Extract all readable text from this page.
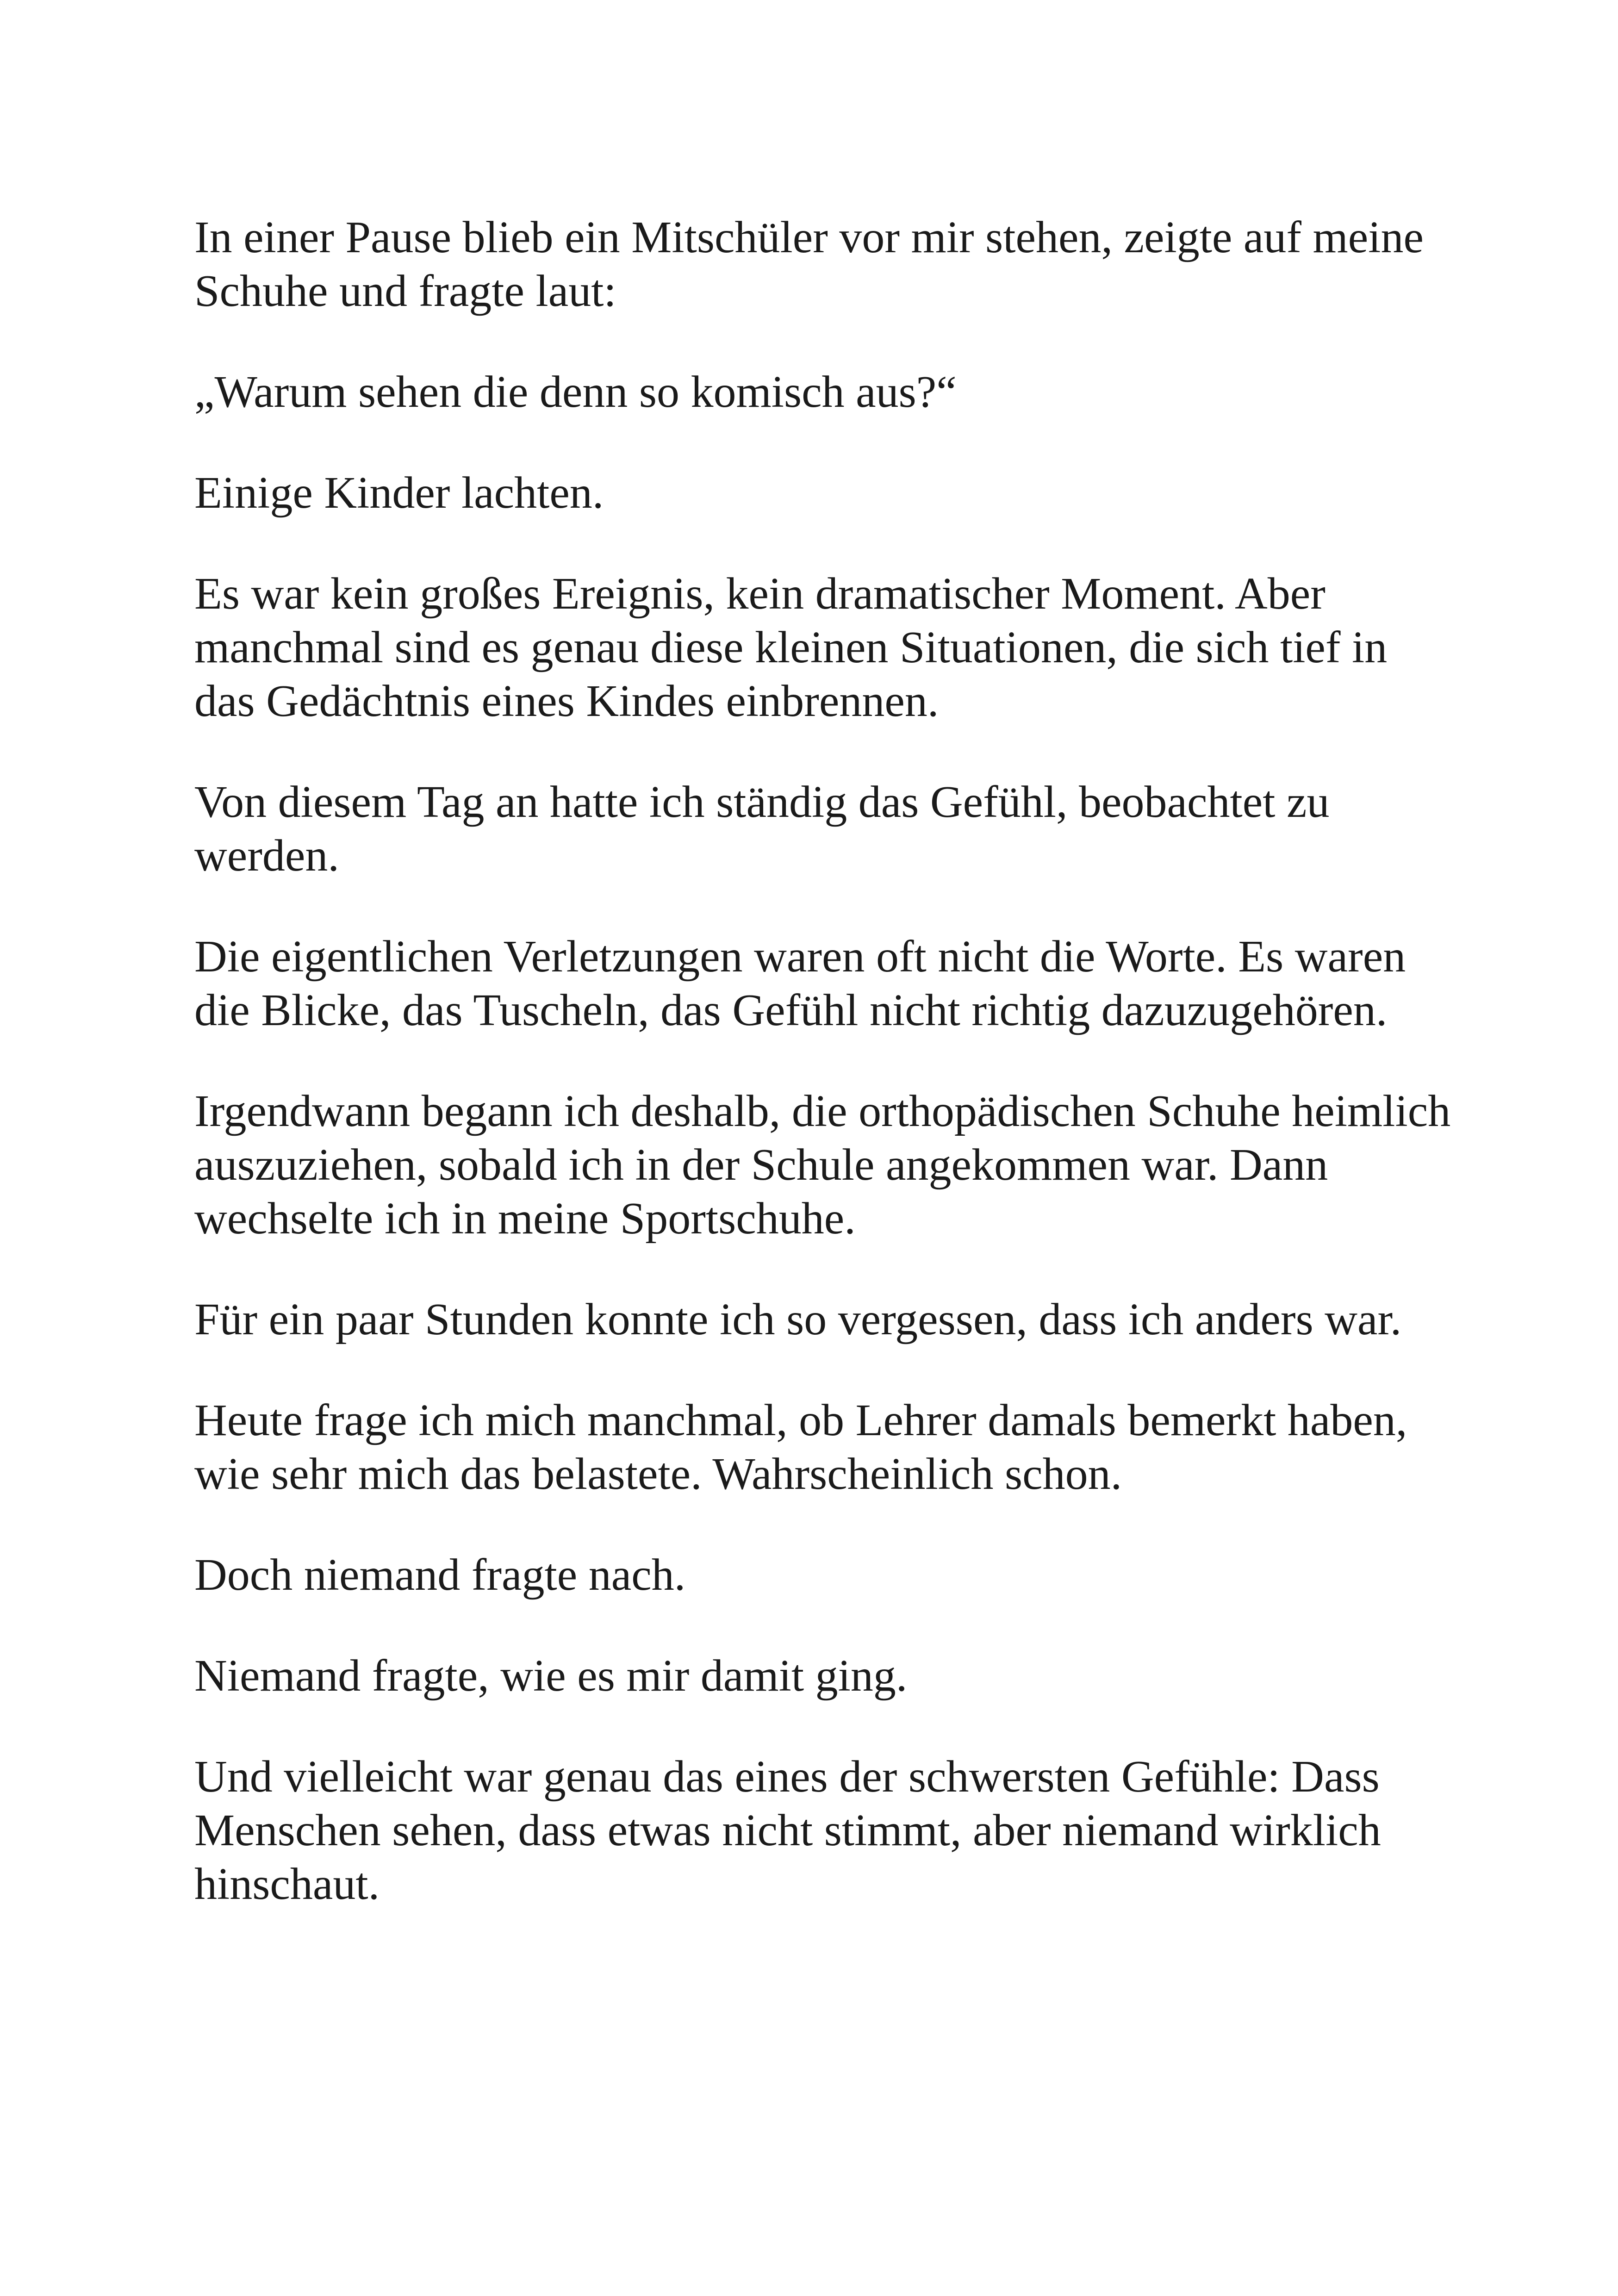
In einer Pause blieb ein Mitschüler vor mir stehen, zeigte auf meine
Schuhe und fragte laut:

„Warum sehen die denn so komisch aus?“

Einige Kinder lachten.

Es war kein großes Ereignis, kein dramatischer Moment. Aber
manchmal sind es genau diese kleinen Situationen, die sich tief in
das Gedächtnis eines Kindes einbrennen.

Von diesem Tag an hatte ich ständig das Gefühl, beobachtet zu
werden.

Die eigentlichen Verletzungen waren oft nicht die Worte. Es waren
die Blicke, das Tuscheln, das Gefühl nicht richtig dazuzugehören.

Irgendwann begann ich deshalb, die orthopädischen Schuhe heimlich
auszuziehen, sobald ich in der Schule angekommen war. Dann
wechselte ich in meine Sportschuhe.

Für ein paar Stunden konnte ich so vergessen, dass ich anders war.

Heute frage ich mich manchmal, ob Lehrer damals bemerkt haben,
wie sehr mich das belastete. Wahrscheinlich schon.

Doch niemand fragte nach.

Niemand fragte, wie es mir damit ging.

Und vielleicht war genau das eines der schwersten Gefühle: Dass
Menschen sehen, dass etwas nicht stimmt, aber niemand wirklich
hinschaut.
